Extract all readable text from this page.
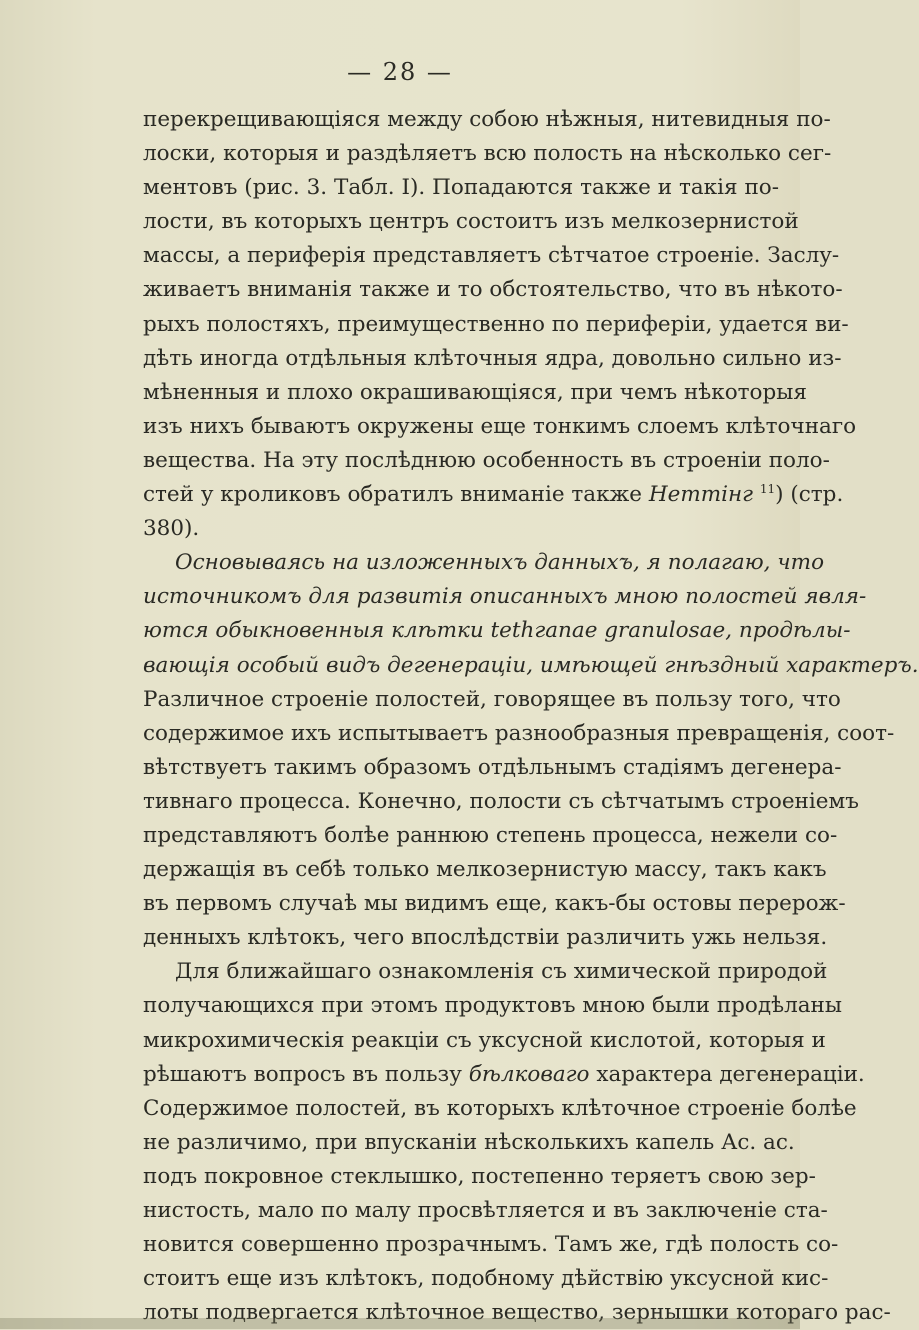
— 28 —
перекрещивающіяся между собою нѣжныя, нитевидныя по-
лоски, которыя и раздѣляетъ всю полость на нѣсколько сег-
ментовъ (рис. 3. Табл. I). Попадаются также и такія по-
лости, въ которыхъ центръ состоитъ изъ мелкозернистой
массы, а периферія представляетъ сѣтчатое строеніе. Заслу-
живаетъ вниманія также и то обстоятельство, что въ нѣкото-
рыхъ полостяхъ, преимущественно по периферіи, удается ви-
дѣть иногда отдѣльныя клѣточныя ядра, довольно сильно из-
мѣненныя и плохо окрашивающіяся, при чемъ нѣкоторыя
изъ нихъ бываютъ окружены еще тонкимъ слоемъ клѣточнаго
вещества. На эту послѣднюю особенность въ строеніи поло-
стей у кроликовъ обратилъ вниманіе также Неттінг $^{11}$) (стр.
380).
Основываясь на изложенныхъ данныхъ, я полагаю, что
источникомъ для развитія описанныхъ мною полостей явля-
ются обыкновенныя клѣтки tethгапае granulosae, продѣлы-
вающія особый видъ дегенераціи, имѣющей гнѣздный характеръ.
Различное строеніе полостей, говорящее въ пользу того, что
содержимое ихъ испытываетъ разнообразныя превращенія, соот-
вѣтствуетъ такимъ образомъ отдѣльнымъ стадіямъ дегенера-
тивнаго процесса. Конечно, полости съ сѣтчатымъ строеніемъ
представляютъ болѣе раннюю степень процесса, нежели со-
держащія въ себѣ только мелкозернистую массу, такъ какъ
въ первомъ случаѣ мы видимъ еще, какъ-бы остовы перерож-
денныхъ клѣтокъ, чего впослѣдствіи различить ужь нельзя.
Для ближайшаго ознакомленія съ химической природой
получающихся при этомъ продуктовъ мною были продѣланы
микрохимическія реакціи съ уксусной кислотой, которыя и
рѣшаютъ вопросъ въ пользу бѣлковаго характера дегенераціи.
Содержимое полостей, въ которыхъ клѣточное строеніе болѣе
не различимо, при впусканіи нѣсколькихъ капель Ас. ас.
подъ покровное стеклышко, постепенно теряетъ свою зер-
нистость, мало по малу просвѣтляется и въ заключеніе ста-
новится совершенно прозрачнымъ. Тамъ же, гдѣ полость со-
стоитъ еще изъ клѣтокъ, подобному дѣйствію уксусной кис-
лоты подвергается клѣточное вещество, зернышки котораго рас-
